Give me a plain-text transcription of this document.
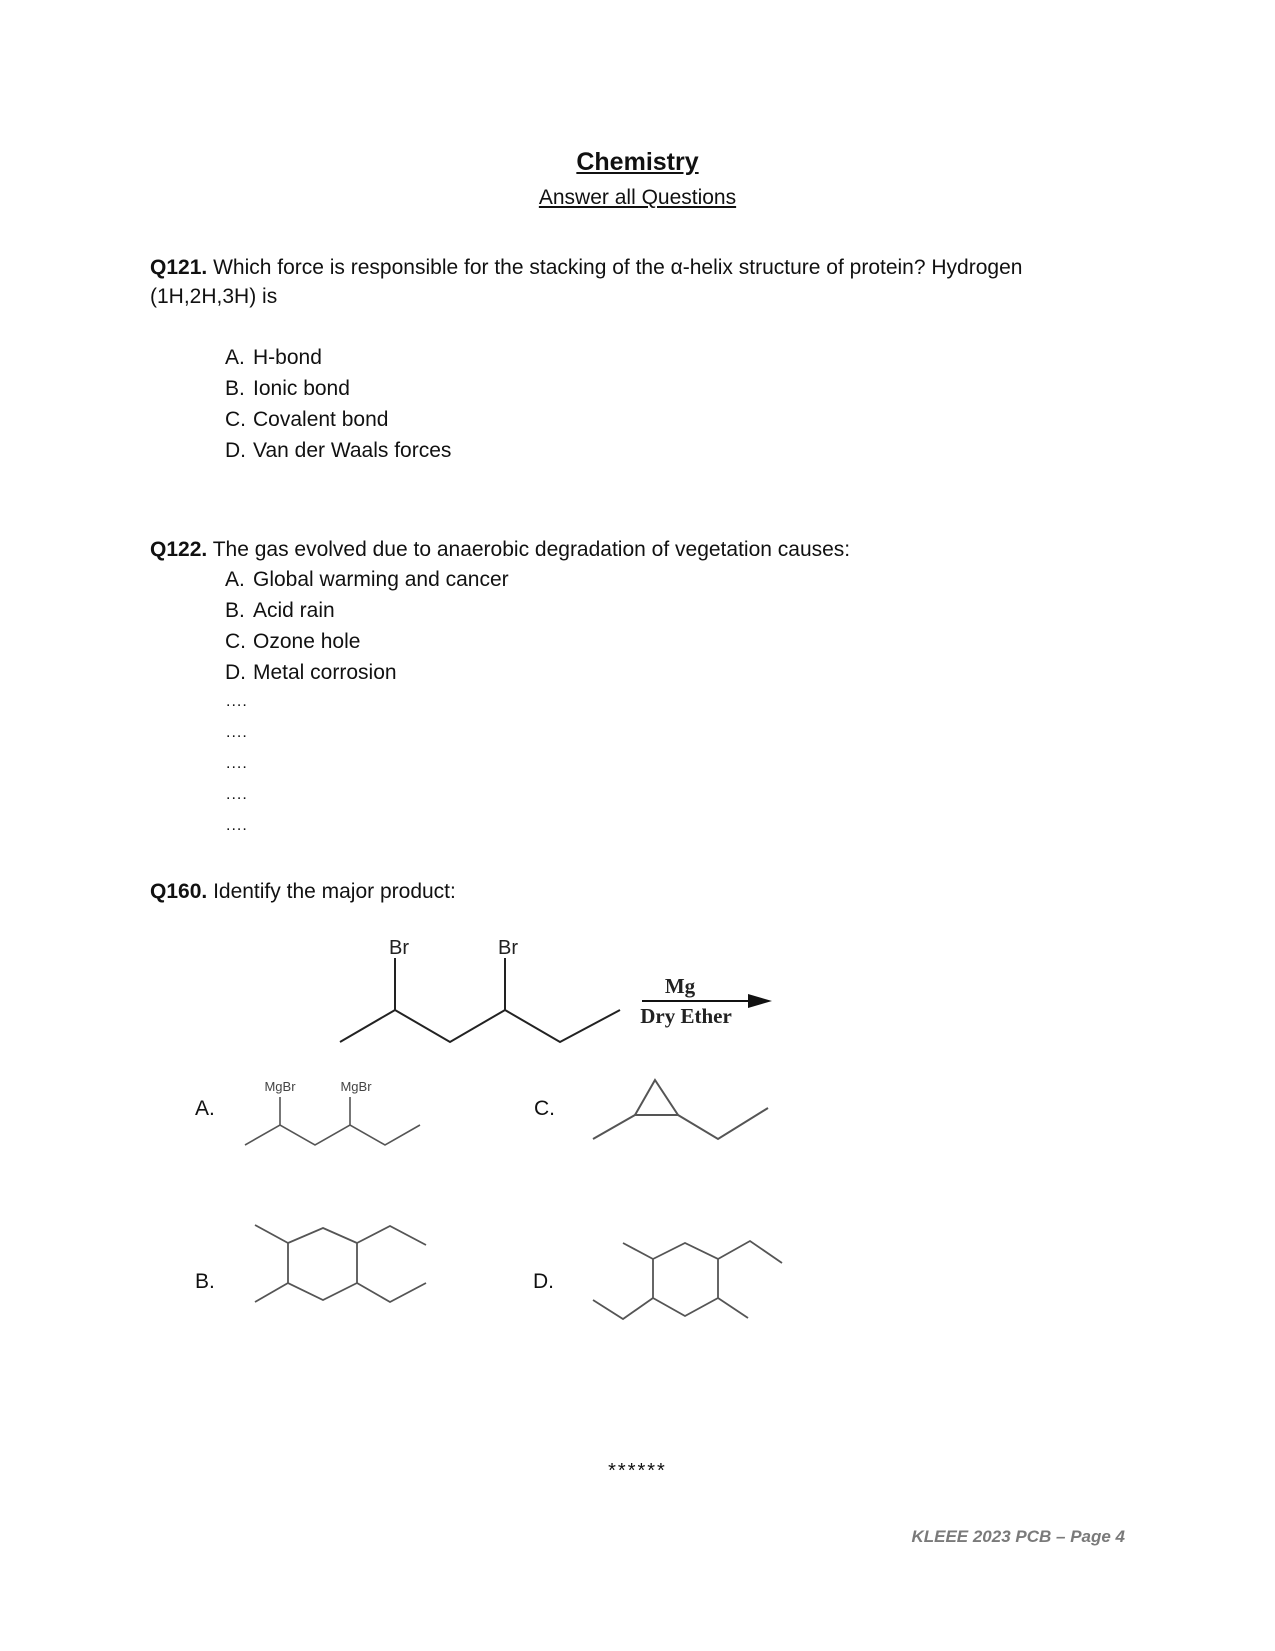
Chemistry
Answer all Questions
Q121. Which force is responsible for the stacking of the α-helix structure of protein? Hydrogen (1H,2H,3H) is
A. H-bond
B. Ionic bond
C. Covalent bond
D. Van der Waals forces
Q122. The gas evolved due to anaerobic degradation of vegetation causes:
A. Global warming and cancer
B. Acid rain
C. Ozone hole
D. Metal corrosion
....
....
....
....
....
Q160. Identify the major product:
Br	Br
Mg
Dry Ether
A.
MgBr	MgBr
C.
B.	D.
******
KLEEE 2023 PCB – Page 4
